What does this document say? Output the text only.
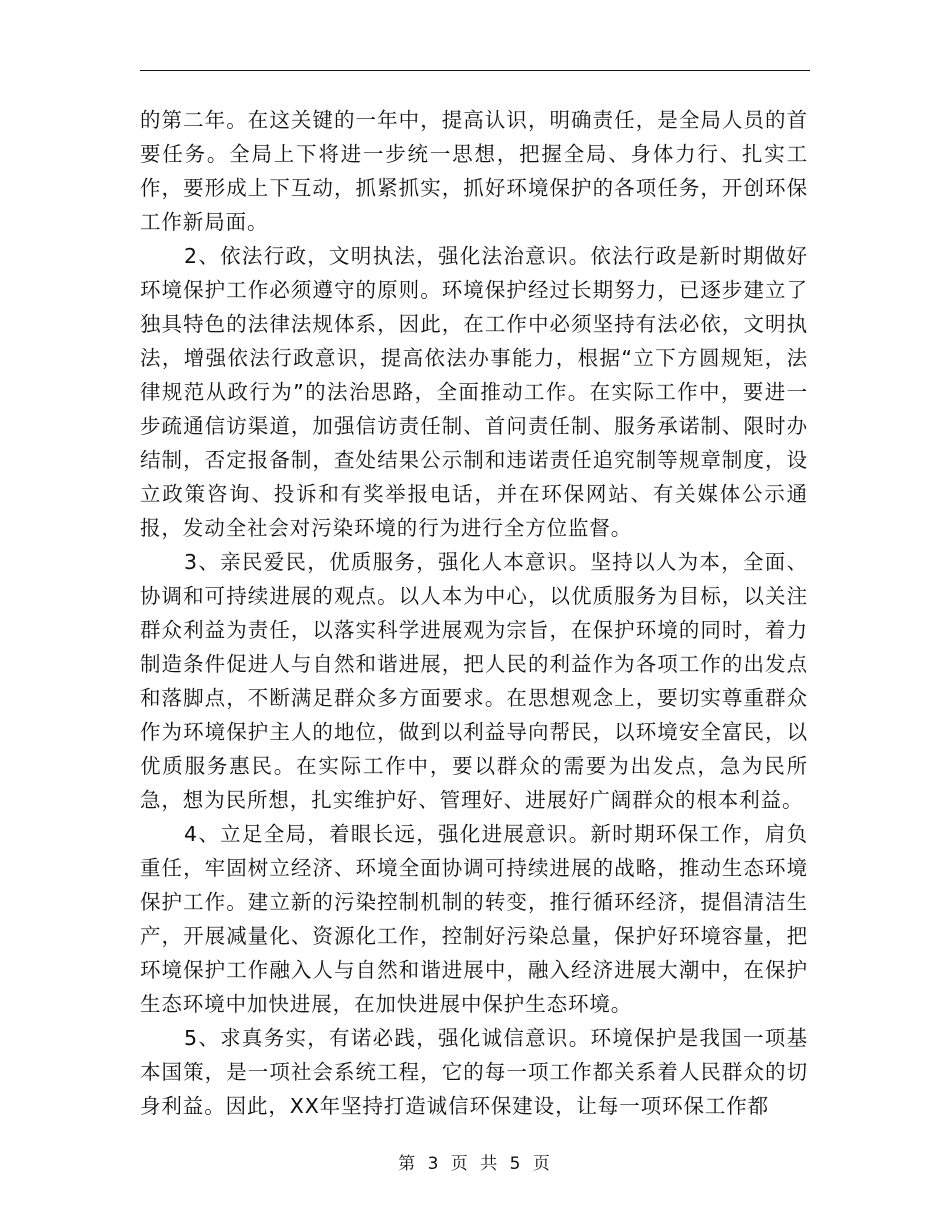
的第二年。在这关键的一年中，提高认识，明确责任，是全局人员的首要任务。全局上下将进一步统一思想，把握全局、身体力行、扎实工作，要形成上下互动，抓紧抓实，抓好环境保护的各项任务，开创环保工作新局面。

2、依法行政，文明执法，强化法治意识。依法行政是新时期做好环境保护工作必须遵守的原则。环境保护经过长期努力，已逐步建立了独具特色的法律法规体系，因此，在工作中必须坚持有法必依，文明执法，增强依法行政意识，提高依法办事能力，根据“立下方圆规矩，法律规范从政行为”的法治思路，全面推动工作。在实际工作中，要进一步疏通信访渠道，加强信访责任制、首问责任制、服务承诺制、限时办结制，否定报备制，查处结果公示制和违诺责任追究制等规章制度，设立政策咨询、投诉和有奖举报电话，并在环保网站、有关媒体公示通报，发动全社会对污染环境的行为进行全方位监督。

3、亲民爱民，优质服务，强化人本意识。坚持以人为本，全面、协调和可持续进展的观点。以人本为中心，以优质服务为目标，以关注群众利益为责任，以落实科学进展观为宗旨，在保护环境的同时，着力制造条件促进人与自然和谐进展，把人民的利益作为各项工作的出发点和落脚点，不断满足群众多方面要求。在思想观念上，要切实尊重群众作为环境保护主人的地位，做到以利益导向帮民，以环境安全富民，以优质服务惠民。在实际工作中，要以群众的需要为出发点，急为民所急，想为民所想，扎实维护好、管理好、进展好广阔群众的根本利益。

4、立足全局，着眼长远，强化进展意识。新时期环保工作，肩负重任，牢固树立经济、环境全面协调可持续进展的战略，推动生态环境保护工作。建立新的污染控制机制的转变，推行循环经济，提倡清洁生产，开展减量化、资源化工作，控制好污染总量，保护好环境容量，把环境保护工作融入人与自然和谐进展中，融入经济进展大潮中，在保护生态环境中加快进展，在加快进展中保护生态环境。

5、求真务实，有诺必践，强化诚信意识。环境保护是我国一项基本国策，是一项社会系统工程，它的每一项工作都关系着人民群众的切身利益。因此，XX年坚持打造诚信环保建设，让每一项环保工作都

第 3 页 共 5 页
